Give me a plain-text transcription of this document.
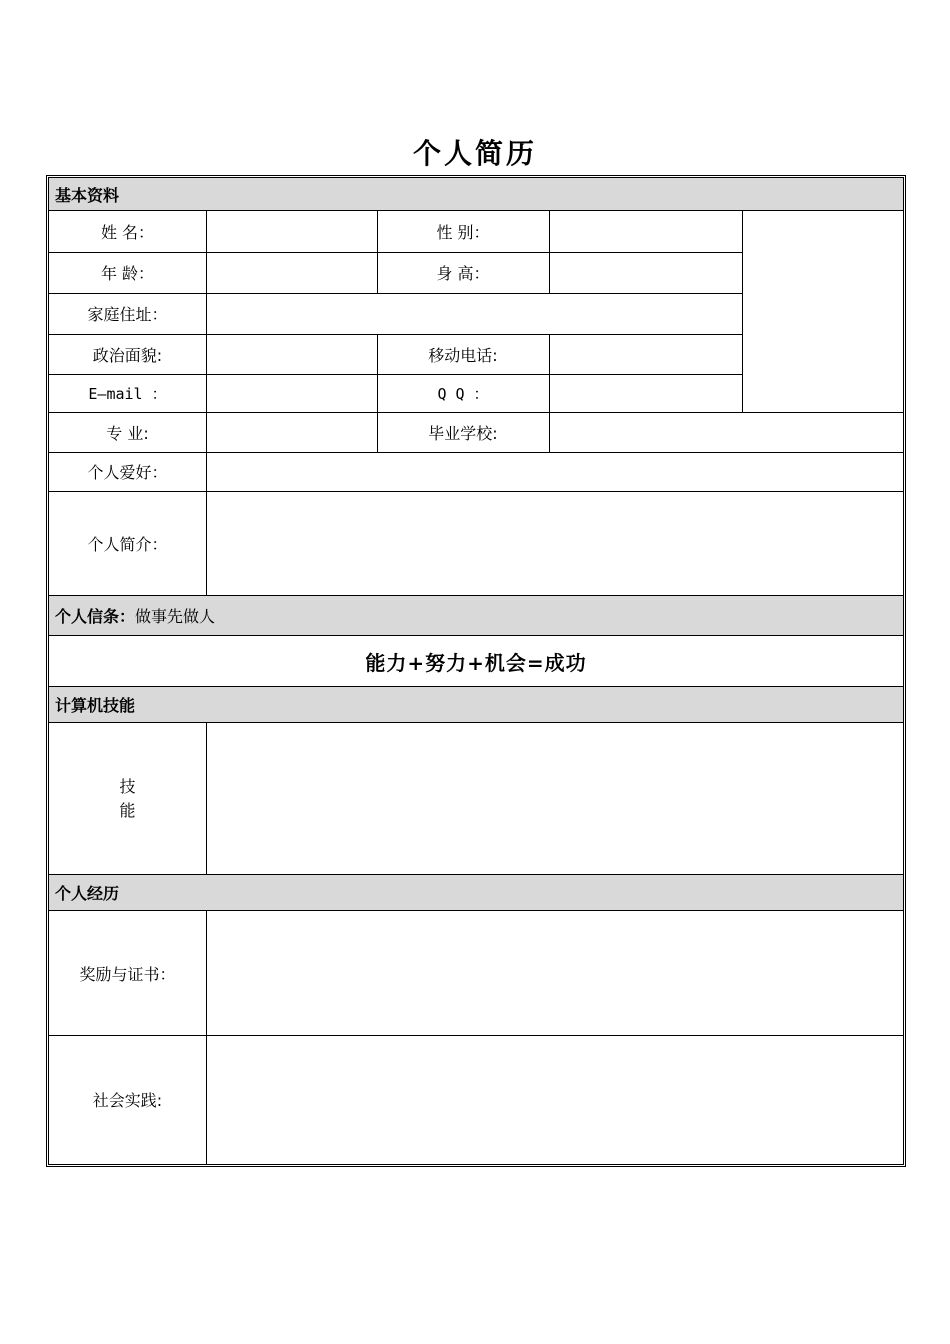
个人简历
基本资料
姓 名：	性 别：
年 龄：	身 高：
家庭住址：
政治面貌:	移动电话:
E—mail ：	Q Q ：
专 业:	毕业学校:
个人爱好：
个人简介：
个人信条： 做事先做人
能力+努力+机会=成功
计算机技能
技
能
个人经历
奖励与证书：
社会实践:
